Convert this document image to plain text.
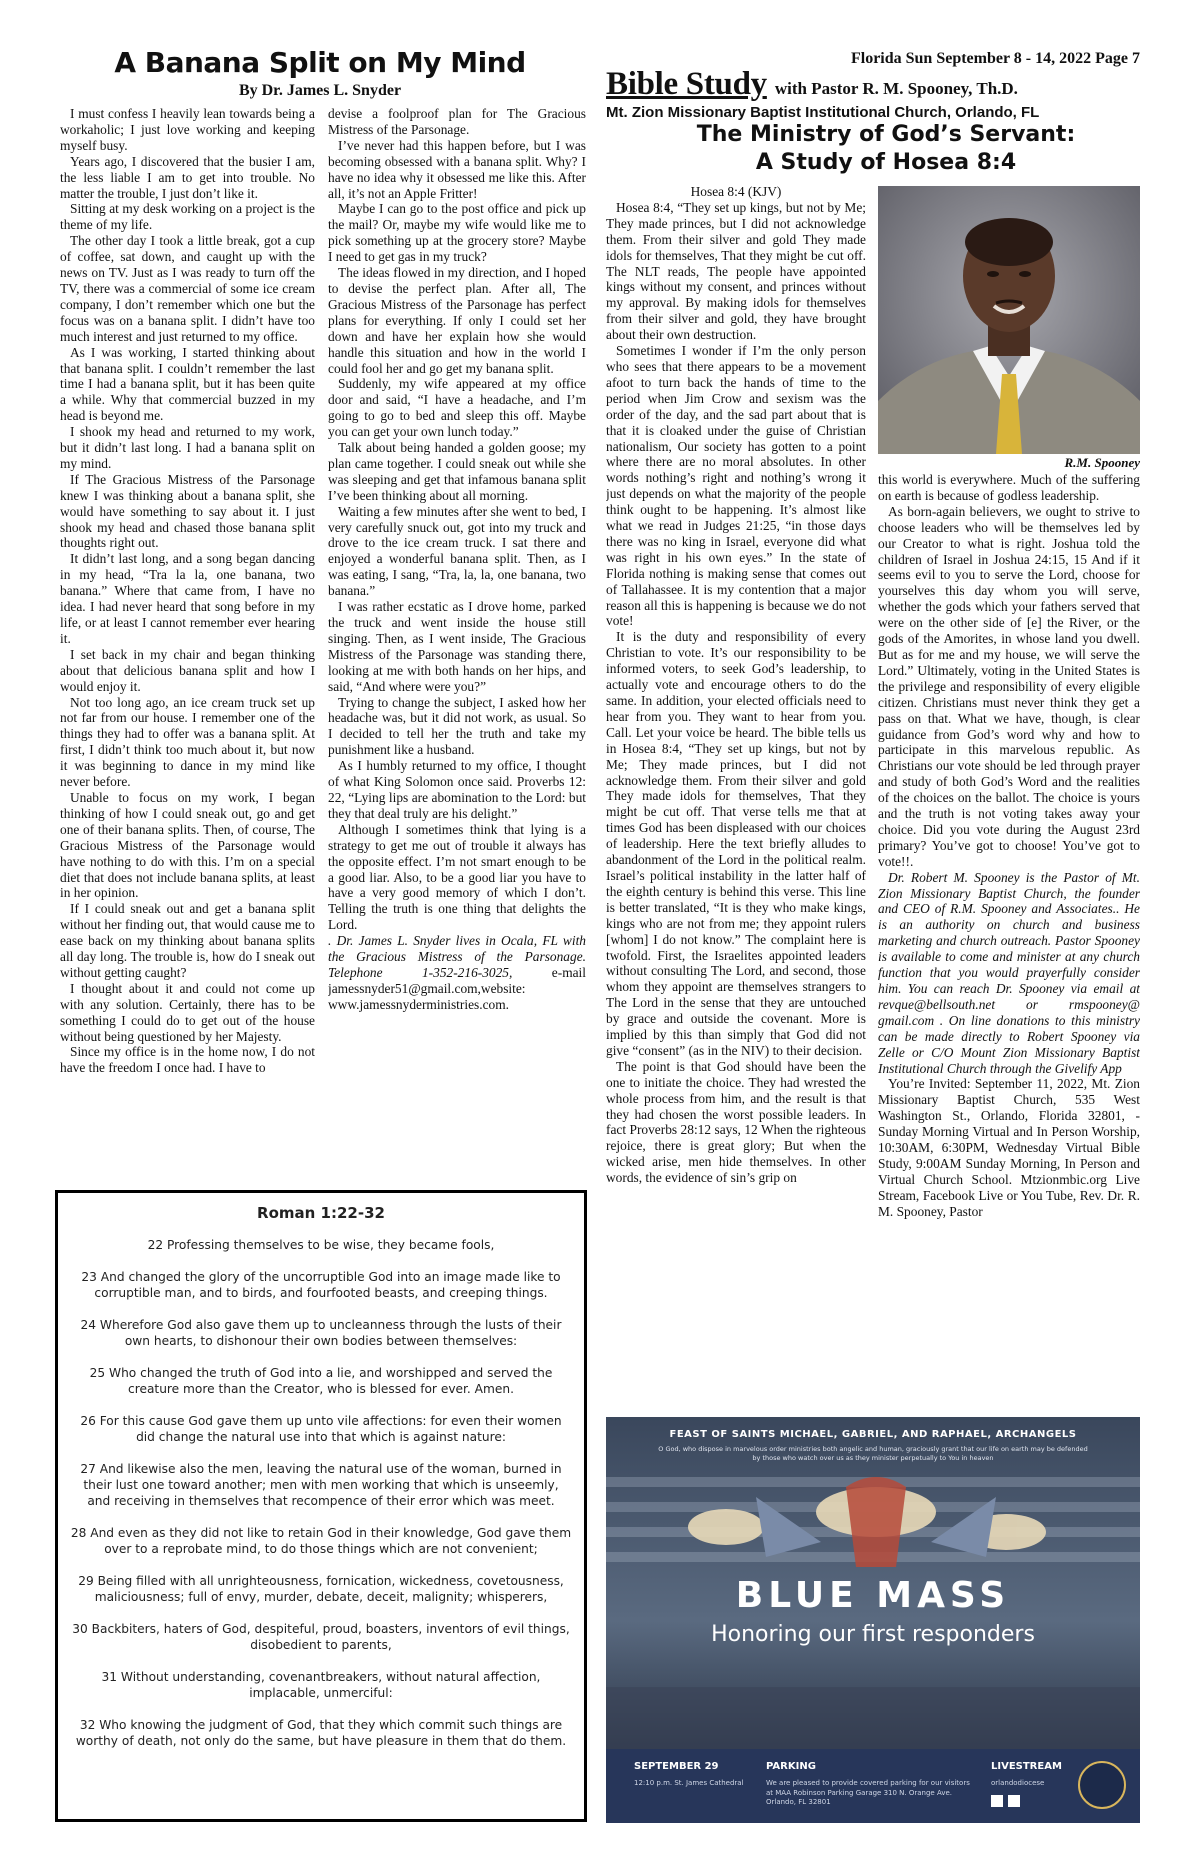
A Banana Split on My Mind
By Dr. James L. Snyder

I must confess I heavily lean towards being a workaholic; I just love working and keeping myself busy.

Years ago, I discovered that the busier I am, the less liable I am to get into trouble. No matter the trouble, I just don’t like it.

Sitting at my desk working on a project is the theme of my life.

The other day I took a little break, got a cup of coffee, sat down, and caught up with the news on TV. Just as I was ready to turn off the TV, there was a commercial of some ice cream company, I don’t remember which one but the focus was on a banana split. I didn’t have too much interest and just returned to my office.

As I was working, I started thinking about that banana split. I couldn’t remember the last time I had a banana split, but it has been quite a while. Why that commercial buzzed in my head is beyond me.

I shook my head and returned to my work, but it didn’t last long. I had a banana split on my mind.

If The Gracious Mistress of the Parsonage knew I was thinking about a banana split, she would have something to say about it. I just shook my head and chased those banana split thoughts right out.

It didn’t last long, and a song began dancing in my head, “Tra la la, one banana, two banana.” Where that came from, I have no idea. I had never heard that song before in my life, or at least I cannot remember ever hearing it.

I set back in my chair and began thinking about that delicious banana split and how I would enjoy it.

Not too long ago, an ice cream truck set up not far from our house. I remember one of the things they had to offer was a banana split. At first, I didn’t think too much about it, but now it was beginning to dance in my mind like never before.

Unable to focus on my work, I began thinking of how I could sneak out, go and get one of their banana splits. Then, of course, The Gracious Mistress of the Parsonage would have nothing to do with this. I’m on a special diet that does not include banana splits, at least in her opinion.

If I could sneak out and get a banana split without her finding out, that would cause me to ease back on my thinking about banana splits all day long. The trouble is, how do I sneak out without getting caught?

I thought about it and could not come up with any solution. Certainly, there has to be something I could do to get out of the house without being questioned by her Majesty.

Since my office is in the home now, I do not have the freedom I once had. I have to

devise a foolproof plan for The Gracious Mistress of the Parsonage.

I’ve never had this happen before, but I was becoming obsessed with a banana split. Why? I have no idea why it obsessed me like this. After all, it’s not an Apple Fritter!

Maybe I can go to the post office and pick up the mail? Or, maybe my wife would like me to pick something up at the grocery store? Maybe I need to get gas in my truck?

The ideas flowed in my direction, and I hoped to devise the perfect plan. After all, The Gracious Mistress of the Parsonage has perfect plans for everything. If only I could set her down and have her explain how she would handle this situation and how in the world I could fool her and go get my banana split.

Suddenly, my wife appeared at my office door and said, “I have a headache, and I’m going to go to bed and sleep this off. Maybe you can get your own lunch today.”

Talk about being handed a golden goose; my plan came together. I could sneak out while she was sleeping and get that infamous banana split I’ve been thinking about all morning.

Waiting a few minutes after she went to bed, I very carefully snuck out, got into my truck and drove to the ice cream truck. I sat there and enjoyed a wonderful banana split. Then, as I was eating, I sang, “Tra, la, la, one banana, two banana.”

I was rather ecstatic as I drove home, parked the truck and went inside the house still singing. Then, as I went inside, The Gracious Mistress of the Parsonage was standing there, looking at me with both hands on her hips, and said, “And where were you?”

Trying to change the subject, I asked how her headache was, but it did not work, as usual. So I decided to tell her the truth and take my punishment like a husband.

As I humbly returned to my office, I thought of what King Solomon once said. Proverbs 12: 22, “Lying lips are abomination to the Lord: but they that deal truly are his delight.”

Although I sometimes think that lying is a strategy to get me out of trouble it always has the opposite effect. I’m not smart enough to be a good liar. Also, to be a good liar you have to have a very good memory of which I don’t. Telling the truth is one thing that delights the Lord.

. Dr. James L. Snyder lives in Ocala, FL with the Gracious Mistress of the Parsonage. Telephone 1-352-216-3025, e-mail jamessnyder51@gmail.com,website: www.jamessnyderministries.com.

Florida Sun September 8 - 14, 2022 Page 7
Bible Study with Pastor R. M. Spooney, Th.D.
Mt. Zion Missionary Baptist Institutional Church, Orlando, FL
The Ministry of God’s Servant:
A Study of Hosea 8:4

Hosea 8:4 (KJV)

Hosea 8:4, “They set up kings, but not by Me; They made princes, but I did not acknowledge them. From their silver and gold They made idols for themselves, That they might be cut off. The NLT reads, The people have appointed kings without my consent, and princes without my approval. By making idols for themselves from their silver and gold, they have brought about their own destruction.

Sometimes I wonder if I’m the only person who sees that there appears to be a movement afoot to turn back the hands of time to the period when Jim Crow and sexism was the order of the day, and the sad part about that is that it is cloaked under the guise of Christian nationalism, Our society has gotten to a point where there are no moral absolutes. In other words nothing’s right and nothing’s wrong it just depends on what the majority of the people think ought to be happening. It’s almost like what we read in Judges 21:25, “in those days there was no king in Israel, everyone did what was right in his own eyes.” In the state of Florida nothing is making sense that comes out of Tallahassee. It is my contention that a major reason all this is happening is because we do not vote!

It is the duty and responsibility of every Christian to vote. It’s our responsibility to be informed voters, to seek God’s leadership, to actually vote and encourage others to do the same. In addition, your elected officials need to hear from you. They want to hear from you. Call. Let your voice be heard. The bible tells us in Hosea 8:4, “They set up kings, but not by Me; They made princes, but I did not acknowledge them. From their silver and gold They made idols for themselves, That they might be cut off. That verse tells me that at times God has been displeased with our choices of leadership. Here the text briefly alludes to abandonment of the Lord in the political realm. Israel’s political instability in the latter half of the eighth century is behind this verse. This line is better translated, “It is they who make kings, kings who are not from me; they appoint rulers [whom] I do not know.” The complaint here is twofold. First, the Israelites appointed leaders without consulting The Lord, and second, those whom they appoint are themselves strangers to The Lord in the sense that they are untouched by grace and outside the covenant. More is implied by this than simply that God did not give “consent” (as in the NIV) to their decision.

The point is that God should have been the one to initiate the choice. They had wrested the whole process from him, and the result is that they had chosen the worst possible leaders. In fact Proverbs 28:12 says, 12 When the righteous rejoice, there is great glory; But when the wicked arise, men hide themselves. In other words, the evidence of sin’s grip on

R.M. Spooney

this world is everywhere. Much of the suffering on earth is because of godless leadership.

As born-again believers, we ought to strive to choose leaders who will be themselves led by our Creator to what is right. Joshua told the children of Israel in Joshua 24:15, 15 And if it seems evil to you to serve the Lord, choose for yourselves this day whom you will serve, whether the gods which your fathers served that were on the other side of [e] the River, or the gods of the Amorites, in whose land you dwell. But as for me and my house, we will serve the Lord.” Ultimately, voting in the United States is the privilege and responsibility of every eligible citizen. Christians must never think they get a pass on that. What we have, though, is clear guidance from God’s word why and how to participate in this marvelous republic. As Christians our vote should be led through prayer and study of both God’s Word and the realities of the choices on the ballot. The choice is yours and the truth is not voting takes away your choice. Did you vote during the August 23rd primary? You’ve got to choose! You’ve got to vote!!.

Dr. Robert M. Spooney is the Pastor of Mt. Zion Missionary Baptist Church, the founder and CEO of R.M. Spooney and Associates.. He is an authority on church and business marketing and church outreach. Pastor Spooney is available to come and minister at any church function that you would prayerfully consider him. You can reach Dr. Spooney via email at revque@bellsouth.net or rmspooney@ gmail.com . On line donations to this ministry can be made directly to Robert Spooney via Zelle or C/O Mount Zion Missionary Baptist Institutional Church through the Givelify App

You’re Invited: September 11, 2022, Mt. Zion Missionary Baptist Church, 535 West Washington St., Orlando, Florida 32801, - Sunday Morning Virtual and In Person Worship, 10:30AM, 6:30PM, Wednesday Virtual Bible Study, 9:00AM Sunday Morning, In Person and Virtual Church School. Mtzionmbic.org Live Stream, Facebook Live or You Tube, Rev. Dr. R. M. Spooney, Pastor

Roman 1:22-32

22 Professing themselves to be wise, they became fools,

23 And changed the glory of the uncorruptible God into an image made like to corruptible man, and to birds, and fourfooted beasts, and creeping things.

24 Wherefore God also gave them up to uncleanness through the lusts of their own hearts, to dishonour their own bodies between themselves:

25 Who changed the truth of God into a lie, and worshipped and served the creature more than the Creator, who is blessed for ever. Amen.

26 For this cause God gave them up unto vile affections: for even their women did change the natural use into that which is against nature:

27 And likewise also the men, leaving the natural use of the woman, burned in their lust one toward another; men with men working that which is unseemly, and receiving in themselves that recompence of their error which was meet.

28 And even as they did not like to retain God in their knowledge, God gave them over to a reprobate mind, to do those things which are not convenient;

29 Being filled with all unrighteousness, fornication, wickedness, covetousness, maliciousness; full of envy, murder, debate, deceit, malignity; whisperers,

30 Backbiters, haters of God, despiteful, proud, boasters, inventors of evil things, disobedient to parents,

31 Without understanding, covenantbreakers, without natural affection, implacable, unmerciful:

32 Who knowing the judgment of God, that they which commit such things are worthy of death, not only do the same, but have pleasure in them that do them.

FEAST OF SAINTS MICHAEL, GABRIEL, AND RAPHAEL, ARCHANGELS
O God, who dispose in marvelous order ministries both angelic and human, graciously grant that our life on earth may be defended by those who watch over us as they minister perpetually to You in heaven
BLUE MASS
Honoring our first responders
SEPTEMBER 29
12:10 p.m. St. James Cathedral
PARKING
We are pleased to provide covered parking for our visitors at MAA Robinson Parking Garage 310 N. Orange Ave. Orlando, FL 32801
LIVESTREAM
orlandodiocese
